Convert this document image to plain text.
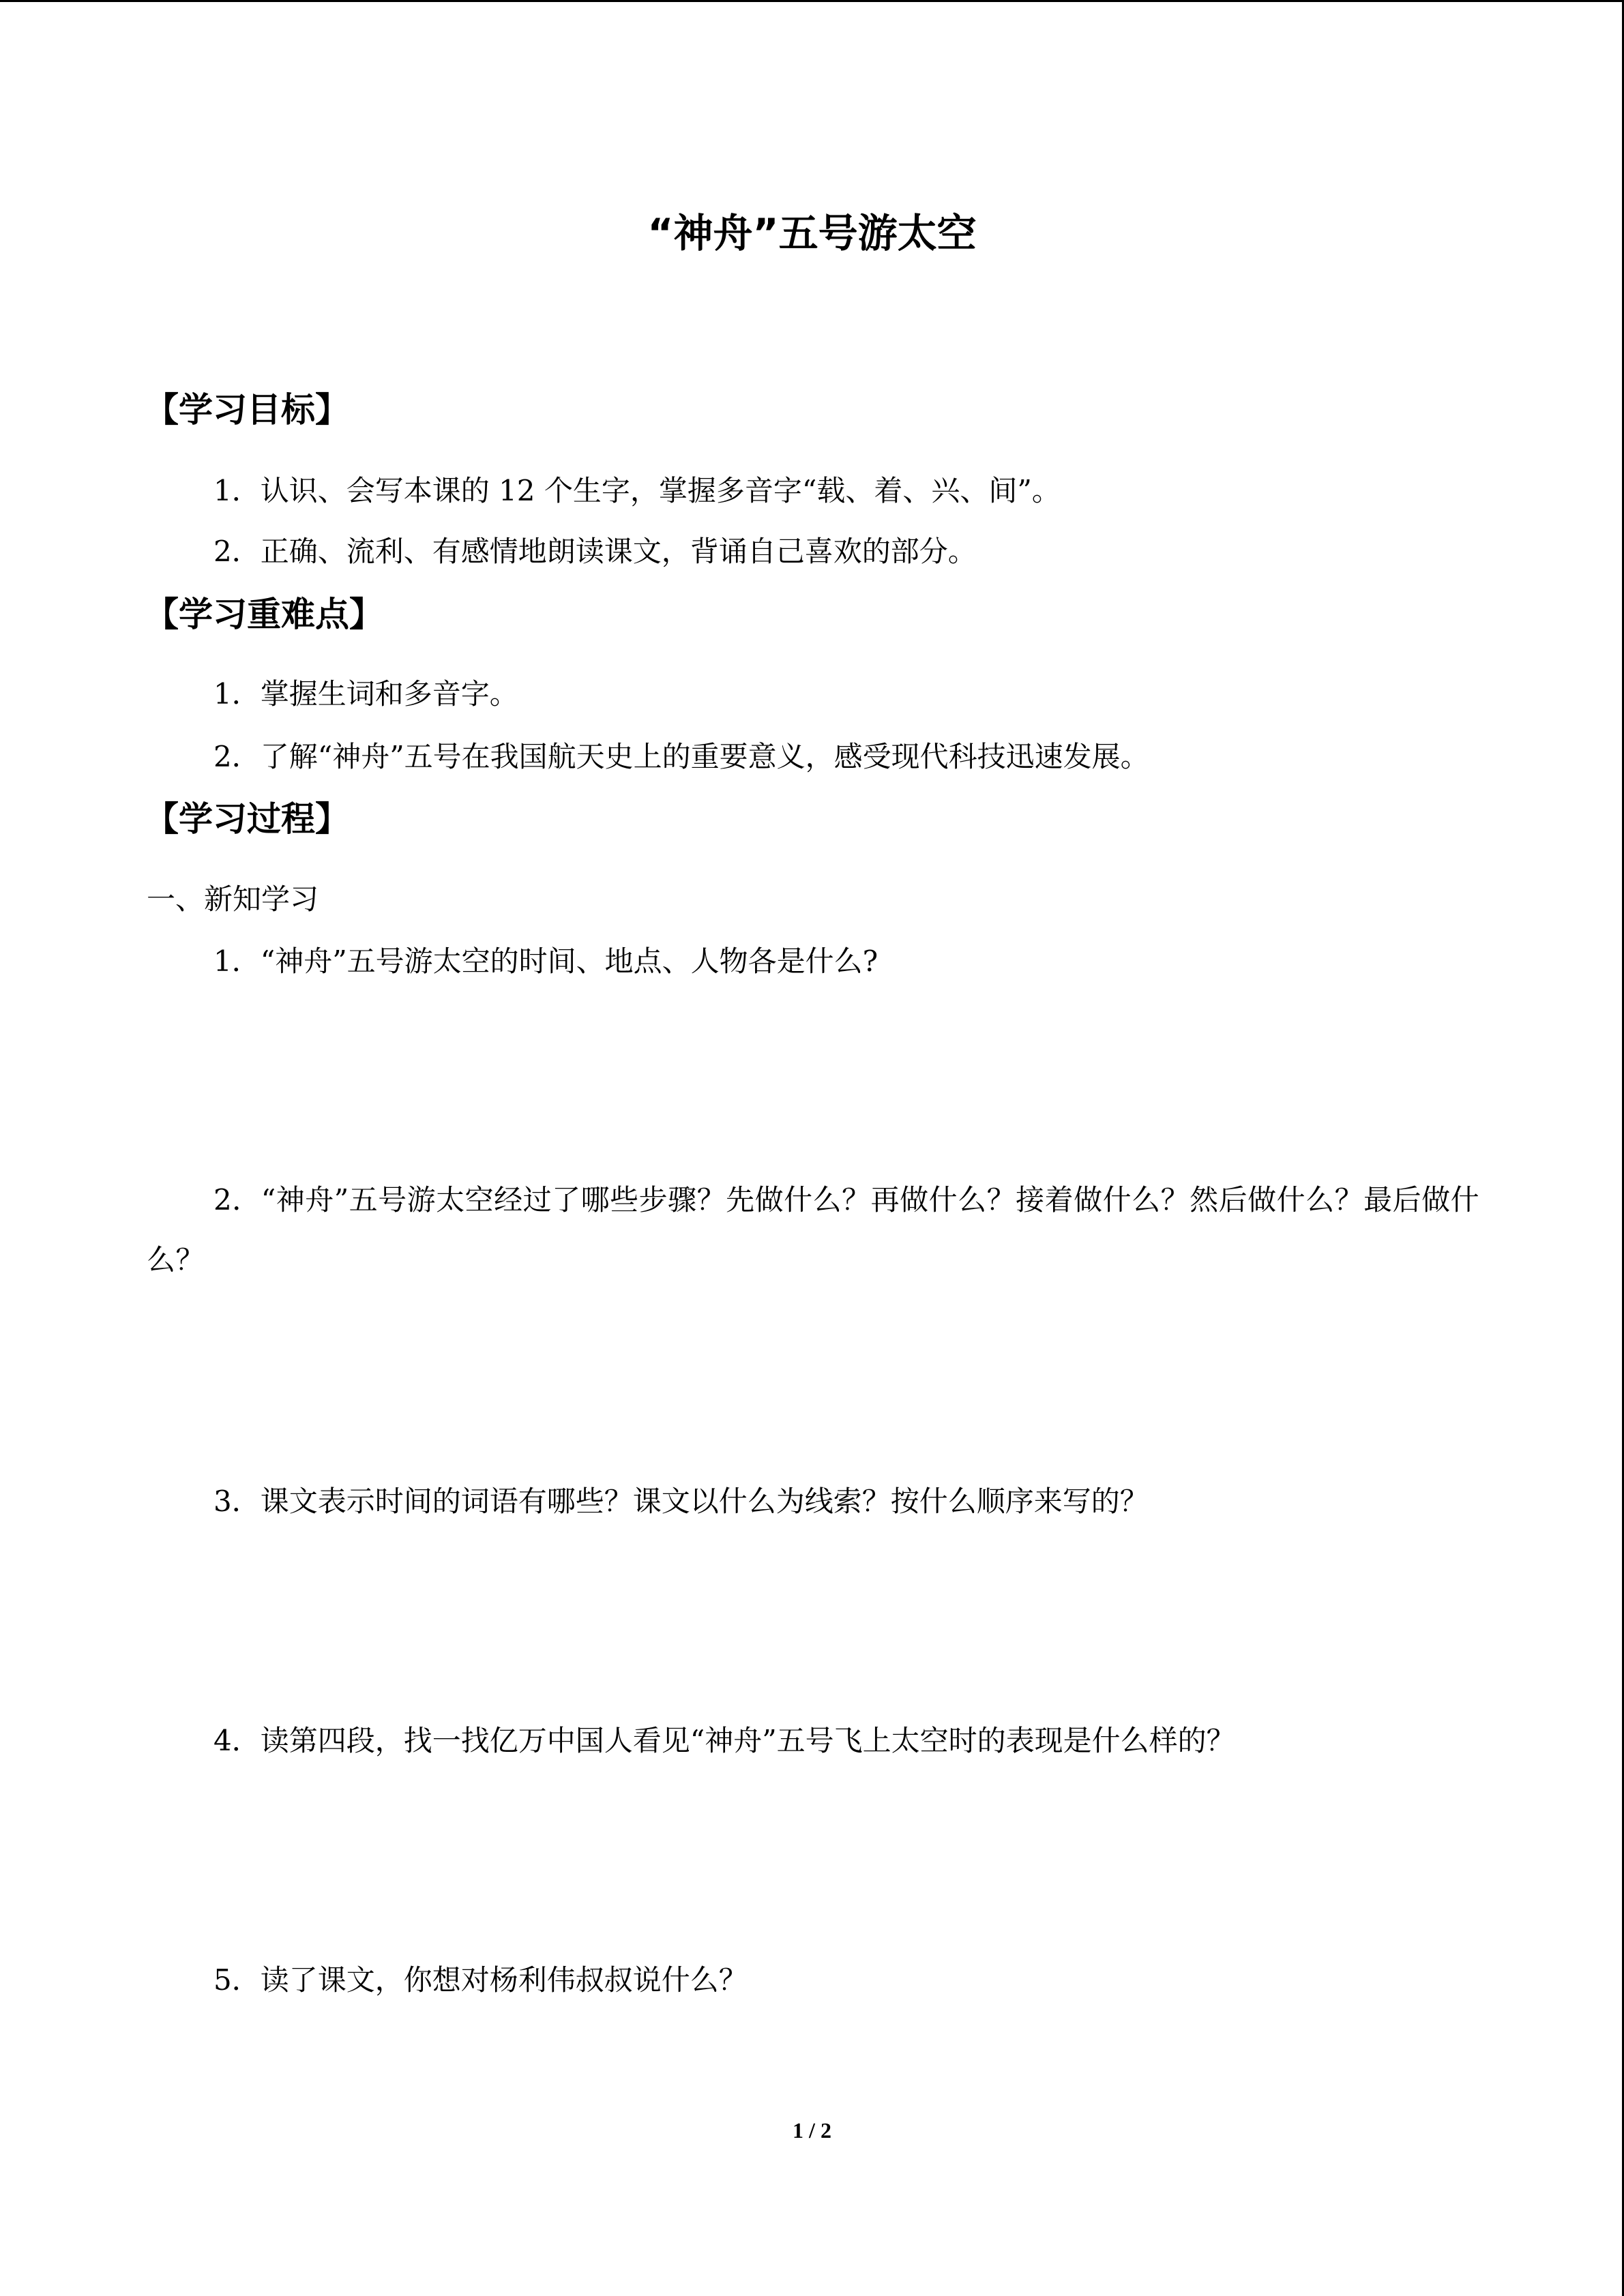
“神舟”五号游太空
【学习目标】
1．认识、会写本课的 12 个生字，掌握多音字“载、着、兴、间”。
2．正确、流利、有感情地朗读课文，背诵自己喜欢的部分。
【学习重难点】
1．掌握生词和多音字。
2．了解“神舟”五号在我国航天史上的重要意义，感受现代科技迅速发展。
【学习过程】
一、新知学习
1．“神舟”五号游太空的时间、地点、人物各是什么?
2．“神舟”五号游太空经过了哪些步骤？先做什么？再做什么？接着做什么？然后做什么？最后做什么？
3．课文表示时间的词语有哪些？课文以什么为线索？按什么顺序来写的？
4．读第四段，找一找亿万中国人看见“神舟”五号飞上太空时的表现是什么样的？
5．读了课文，你想对杨利伟叔叔说什么？
1 / 2
